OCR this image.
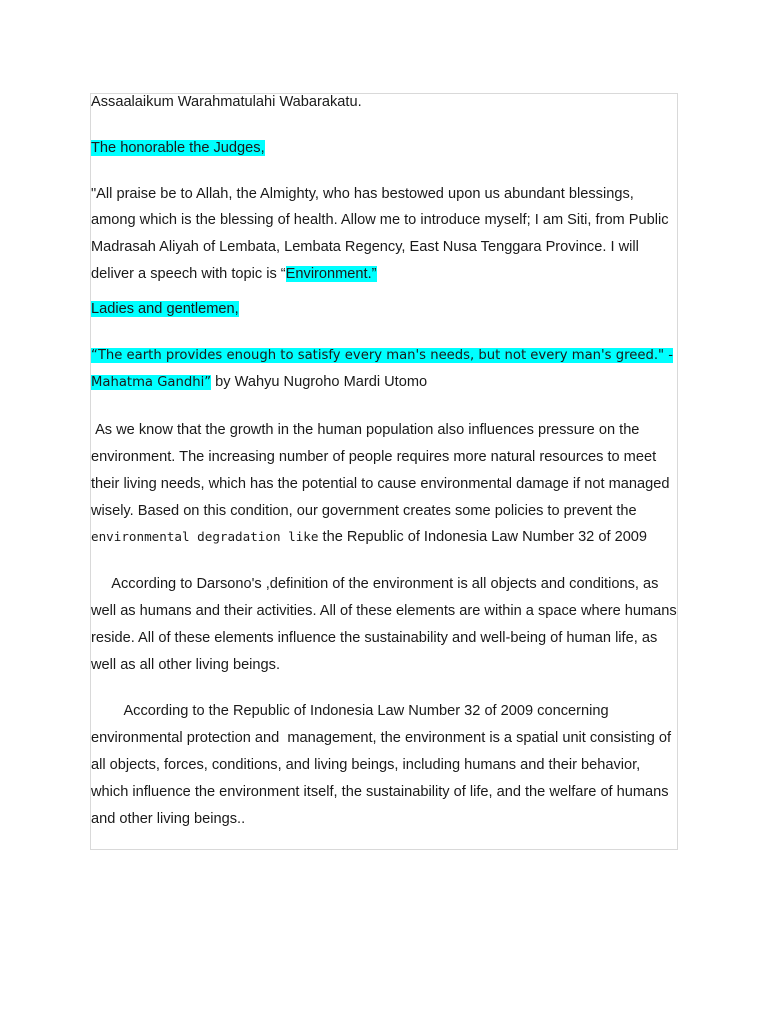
Assaalaikum Warahmatulahi Wabarakatu.

The honorable the Judges,

"All praise be to Allah, the Almighty, who has bestowed upon us abundant blessings, among which is the blessing of health. Allow me to introduce myself; I am Siti, from Public Madrasah Aliyah of Lembata, Lembata Regency, East Nusa Tenggara Province. I will deliver a speech with topic is “Environment.”

Ladies and gentlemen,

“The earth provides enough to satisfy every man's needs, but not every man's greed." - Mahatma Gandhi” by Wahyu Nugroho Mardi Utomo

As we know that the growth in the human population also influences pressure on the environment. The increasing number of people requires more natural resources to meet their living needs, which has the potential to cause environmental damage if not managed wisely. Based on this condition, our government creates some policies to prevent the environmental degradation like the Republic of Indonesia Law Number 32 of 2009

According to Darsono's ,definition of the environment is all objects and conditions, as well as humans and their activities. All of these elements are within a space where humans reside. All of these elements influence the sustainability and well-being of human life, as well as all other living beings.

According to the Republic of Indonesia Law Number 32 of 2009 concerning environmental protection and  management, the environment is a spatial unit consisting of all objects, forces, conditions, and living beings, including humans and their behavior, which influence the environment itself, the sustainability of life, and the welfare of humans and other living beings..
